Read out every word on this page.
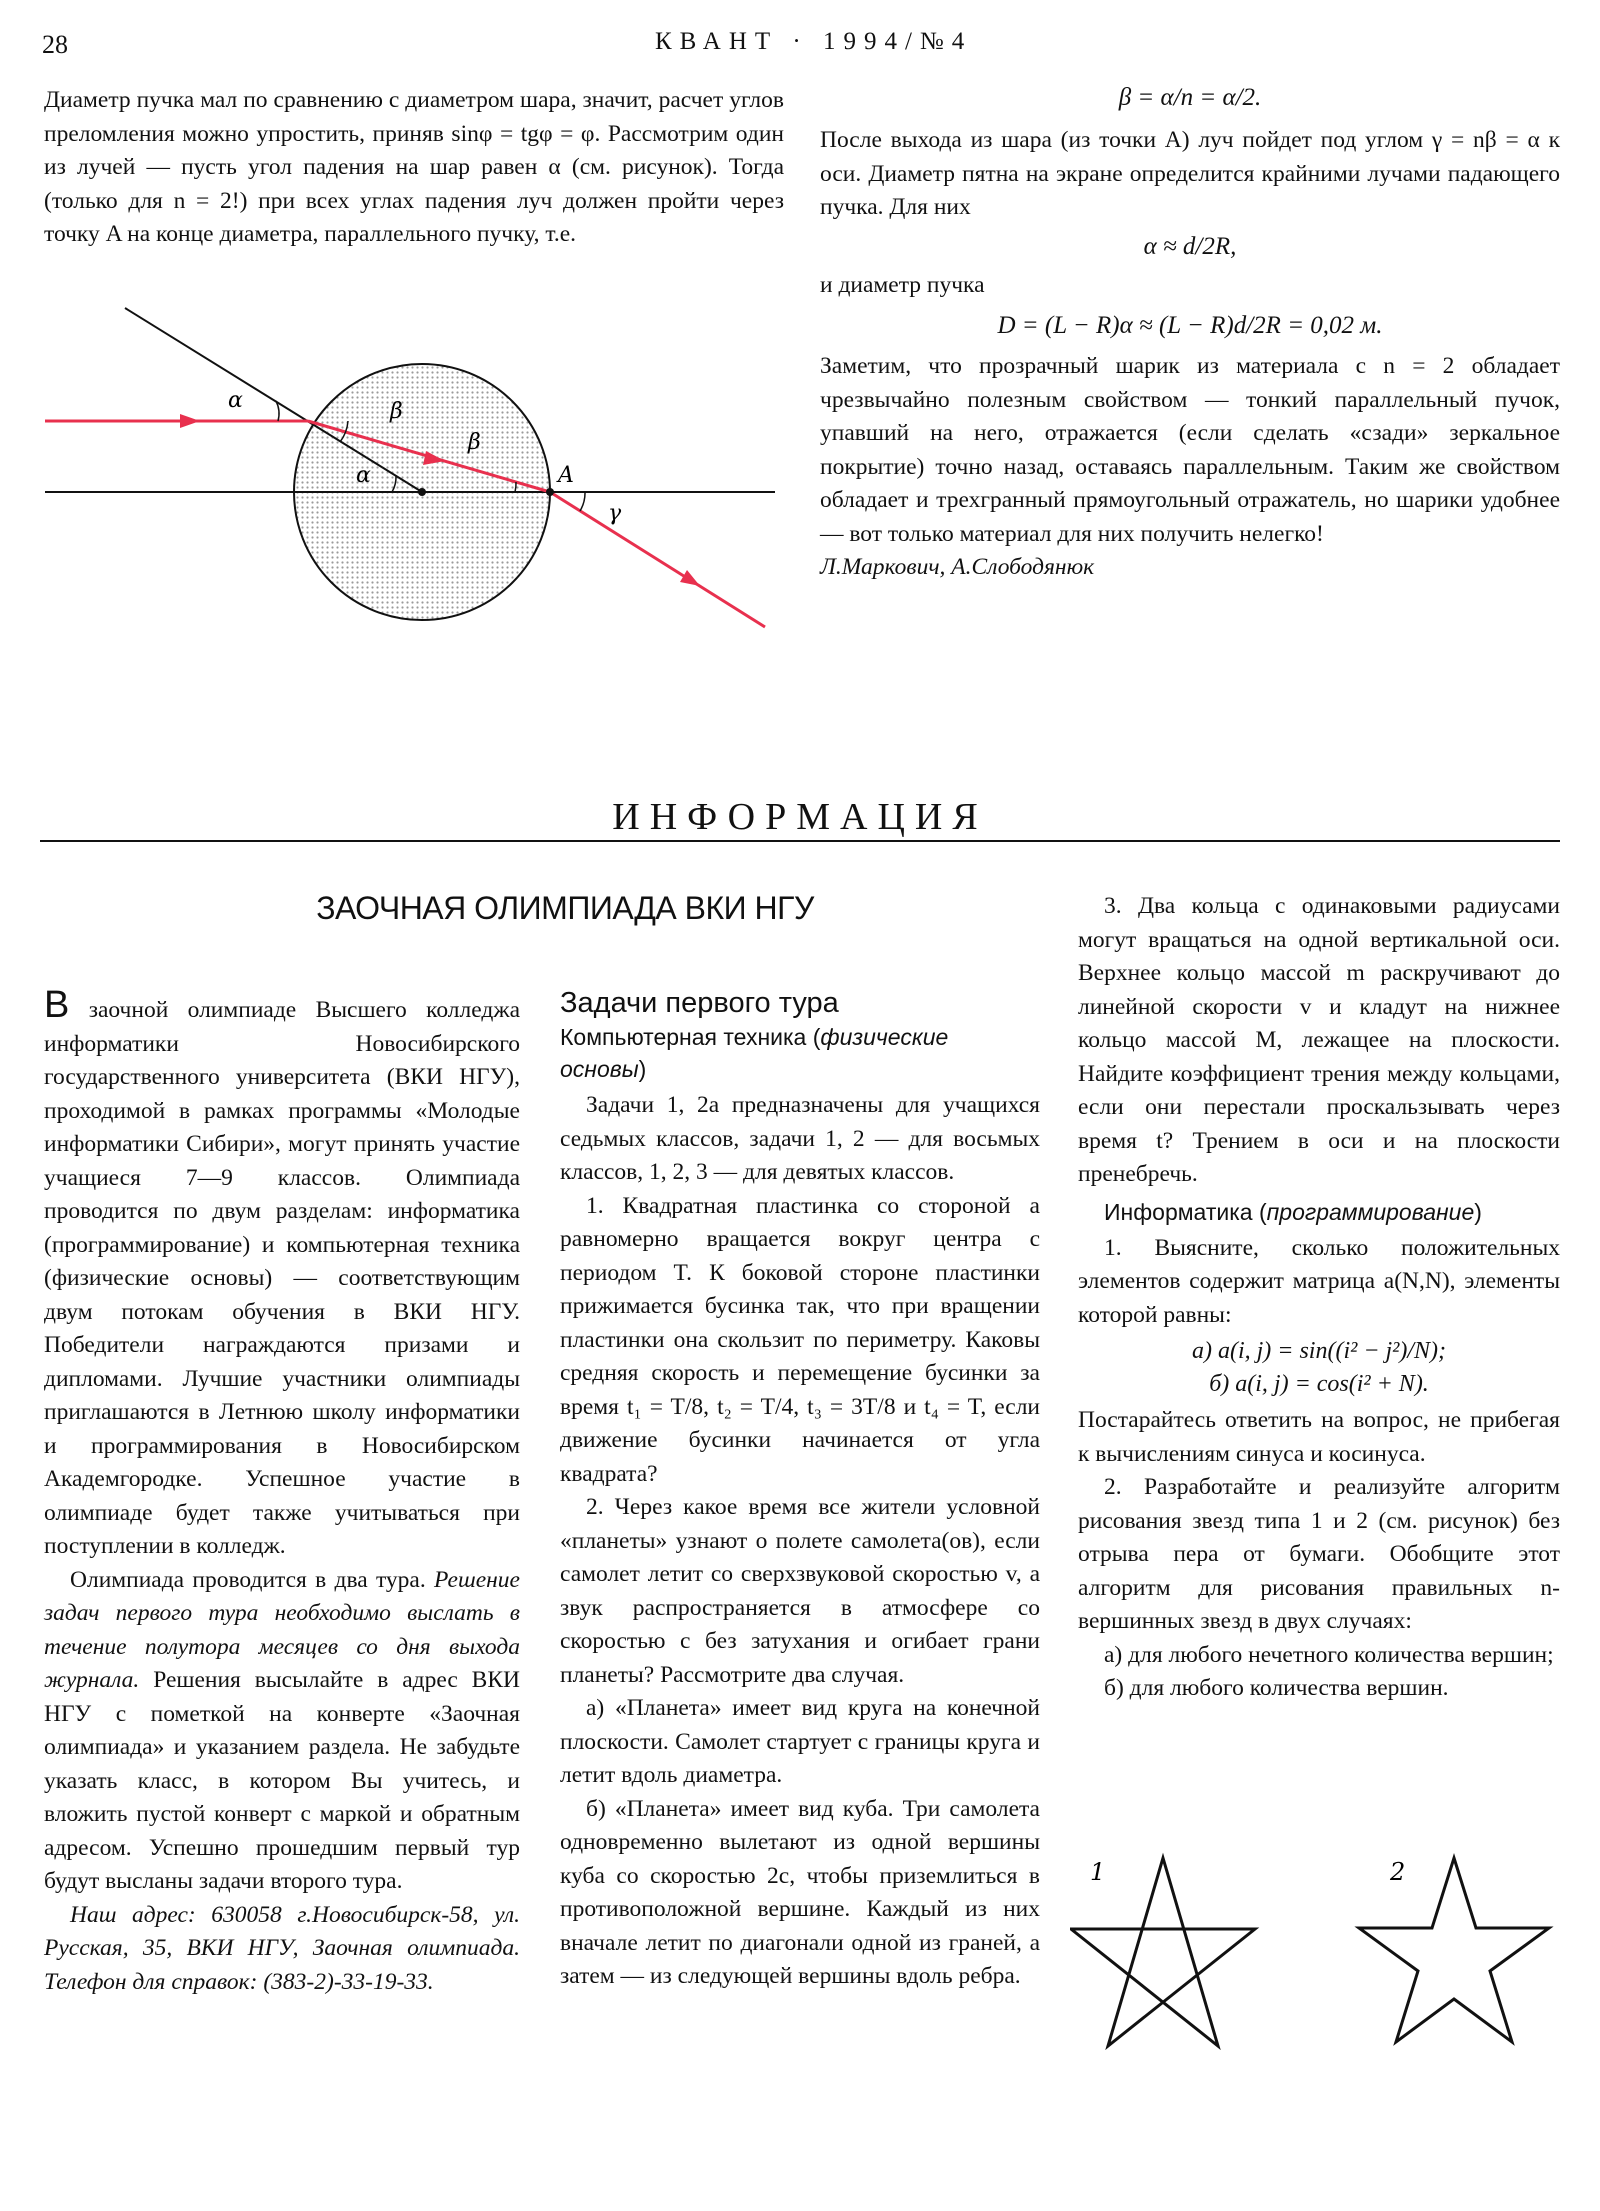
28	КВАНТ · 1994/№4

Диаметр пучка мал по сравнению с диаметром шара, значит, расчет углов преломления можно упростить, приняв sinφ = tgφ = φ. Рассмотрим один из лучей — пусть угол падения на шар равен α (см. рисунок). Тогда (только для n = 2!) при всех углах падения луч должен пройти через точку A на конце диаметра, параллельного пучку, т.е.

α
α
β
β
γ
A
β = α/n = α/2.

После выхода из шара (из точки A) луч пойдет под углом γ = nβ = α к оси. Диаметр пятна на экране определится крайними лучами падающего пучка. Для них

α ≈ d/2R,

и диаметр пучка

D = (L − R)α ≈ (L − R)d/2R = 0,02 м.

Заметим, что прозрачный шарик из материала с n = 2 обладает чрезвычайно полезным свойством — тонкий параллельный пучок, упавший на него, отражается (если сделать «сзади» зеркальное покрытие) точно назад, оставаясь параллельным. Таким же свойством обладает и трехгранный прямоугольный отражатель, но шарики удобнее — вот только материал для них получить нелегко!

Л.Маркович, А.Слободянюк

ИНФОРМАЦИЯ
ЗАОЧНАЯ ОЛИМПИАДА ВКИ НГУ

В заочной олимпиаде Высшего колледжа информатики Новосибирского государственного университета (ВКИ НГУ), проходимой в рамках программы «Молодые информатики Сибири», могут принять участие учащиеся 7—9 классов. Олимпиада проводится по двум разделам: информатика (программирование) и компьютерная техника (физические основы) — соответствующим двум потокам обучения в ВКИ НГУ. Победители награждаются призами и дипломами. Лучшие участники олимпиады приглашаются в Летнюю школу информатики и программирования в Новосибирском Академгородке. Успешное участие в олимпиаде будет также учитываться при поступлении в колледж.

Олимпиада проводится в два тура. Решение задач первого тура необходимо выслать в течение полутора месяцев со дня выхода журнала. Решения высылайте в адрес ВКИ НГУ с пометкой на конверте «Заочная олимпиада» и указанием раздела. Не забудьте указать класс, в котором Вы учитесь, и вложить пустой конверт с маркой и обратным адресом. Успешно прошедшим первый тур будут высланы задачи второго тура.

Наш адрес: 630058 г.Новосибирск-58, ул. Русская, 35, ВКИ НГУ, Заочная олимпиада. Телефон для справок: (383-2)-33-19-33.

Задачи первого тура

Компьютерная техника (физические основы)

Задачи 1, 2а предназначены для учащихся седьмых классов, задачи 1, 2 — для восьмых классов, 1, 2, 3 — для девятых классов.

1. Квадратная пластинка со стороной a равномерно вращается вокруг центра с периодом T. К боковой стороне пластинки прижимается бусинка так, что при вращении пластинки она скользит по периметру. Каковы средняя скорость и перемещение бусинки за время t₁ = T/8, t₂ = T/4, t₃ = 3T/8 и t₄ = T, если движение бусинки начинается от угла квадрата?

2. Через какое время все жители условной «планеты» узнают о полете самолета(ов), если самолет летит со сверхзвуковой скоростью v, а звук распространяется в атмосфере со скоростью c без затухания и огибает грани планеты? Рассмотрите два случая.

а) «Планета» имеет вид круга на конечной плоскости. Самолет стартует с границы круга и летит вдоль диаметра.

б) «Планета» имеет вид куба. Три самолета одновременно вылетают из одной вершины куба со скоростью 2c, чтобы приземлиться в противоположной вершине. Каждый из них вначале летит по диагонали одной из граней, а затем — из следующей вершины вдоль ребра.

3. Два кольца с одинаковыми радиусами могут вращаться на одной вертикальной оси. Верхнее кольцо массой m раскручивают до линейной скорости v и кладут на нижнее кольцо массой M, лежащее на плоскости. Найдите коэффициент трения между кольцами, если они перестали проскальзывать через время t? Трением в оси и на плоскости пренебречь.

Информатика (программирование)

1. Выясните, сколько положительных элементов содержит матрица a(N,N), элементы которой равны:

а) a(i, j) = sin((i² − j²)/N);
б) a(i, j) = cos(i² + N).

Постарайтесь ответить на вопрос, не прибегая к вычислениям синуса и косинуса.

2. Разработайте и реализуйте алгоритм рисования звезд типа 1 и 2 (см. рисунок) без отрыва пера от бумаги. Обобщите этот алгоритм для рисования правильных n-вершинных звезд в двух случаях:

а) для любого нечетного количества вершин;

б) для любого количества вершин.

1	2
